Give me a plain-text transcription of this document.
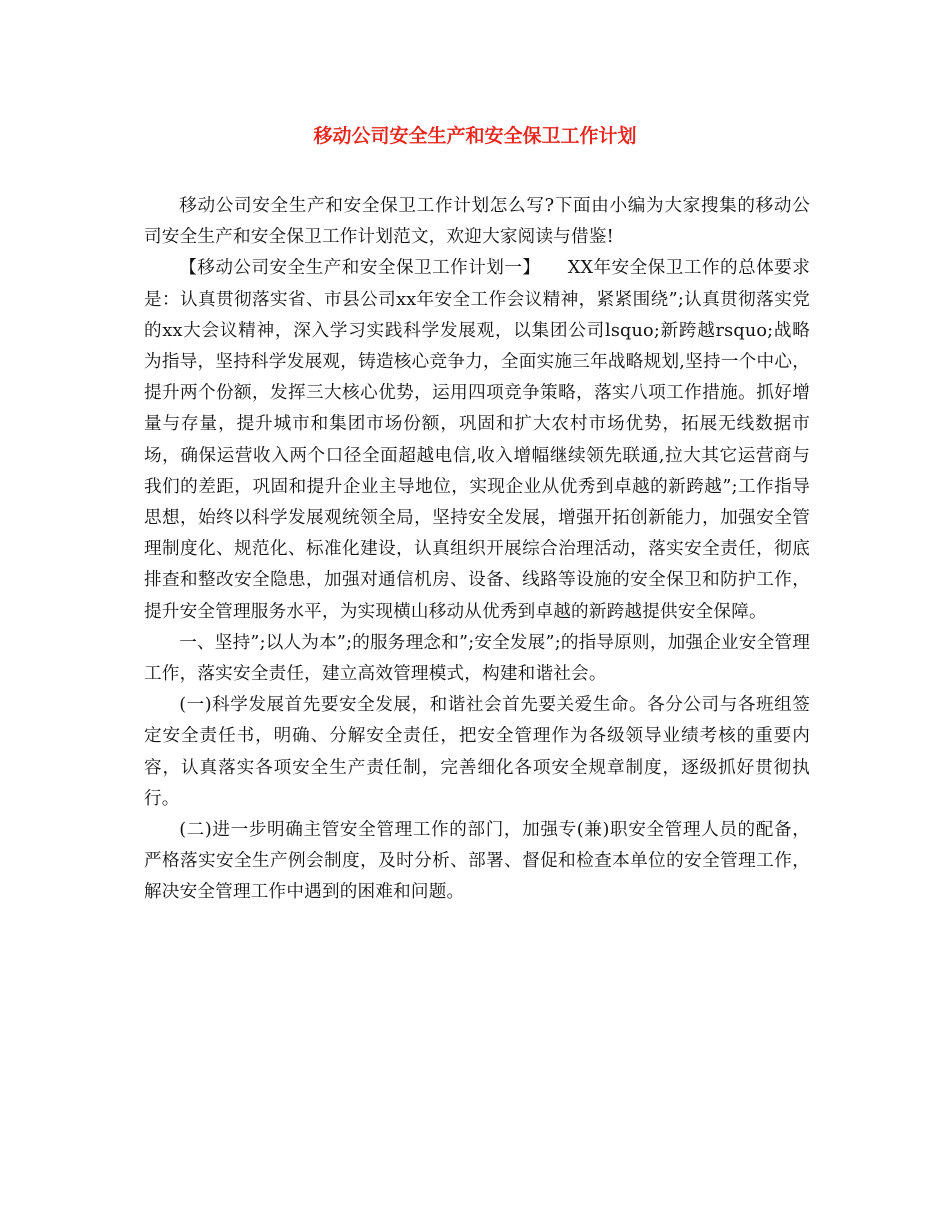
移动公司安全生产和安全保卫工作计划

移动公司安全生产和安全保卫工作计划怎么写?下面由小编为大家搜集的移动公司安全生产和安全保卫工作计划范文，欢迎大家阅读与借鉴!

【移动公司安全生产和安全保卫工作计划一】　　XX年安全保卫工作的总体要求是：认真贯彻落实省、市县公司xx年安全工作会议精神，紧紧围绕”;认真贯彻落实党的xx大会议精神，深入学习实践科学发展观，以集团公司lsquo;新跨越rsquo;战略为指导，坚持科学发展观，铸造核心竞争力，全面实施三年战略规划,坚持一个中心，提升两个份额，发挥三大核心优势，运用四项竞争策略，落实八项工作措施。抓好增量与存量，提升城市和集团市场份额，巩固和扩大农村市场优势，拓展无线数据市场，确保运营收入两个口径全面超越电信,收入增幅继续领先联通,拉大其它运营商与我们的差距，巩固和提升企业主导地位，实现企业从优秀到卓越的新跨越”;工作指导思想，始终以科学发展观统领全局，坚持安全发展，增强开拓创新能力，加强安全管理制度化、规范化、标准化建设，认真组织开展综合治理活动，落实安全责任，彻底排查和整改安全隐患，加强对通信机房、设备、线路等设施的安全保卫和防护工作，提升安全管理服务水平，为实现横山移动从优秀到卓越的新跨越提供安全保障。

一、坚持”;以人为本”;的服务理念和”;安全发展”;的指导原则，加强企业安全管理工作，落实安全责任，建立高效管理模式，构建和谐社会。

(一)科学发展首先要安全发展，和谐社会首先要关爱生命。各分公司与各班组签定安全责任书，明确、分解安全责任，把安全管理作为各级领导业绩考核的重要内容，认真落实各项安全生产责任制，完善细化各项安全规章制度，逐级抓好贯彻执行。

(二)进一步明确主管安全管理工作的部门，加强专(兼)职安全管理人员的配备，严格落实安全生产例会制度，及时分析、部署、督促和检查本单位的安全管理工作，解决安全管理工作中遇到的困难和问题。
